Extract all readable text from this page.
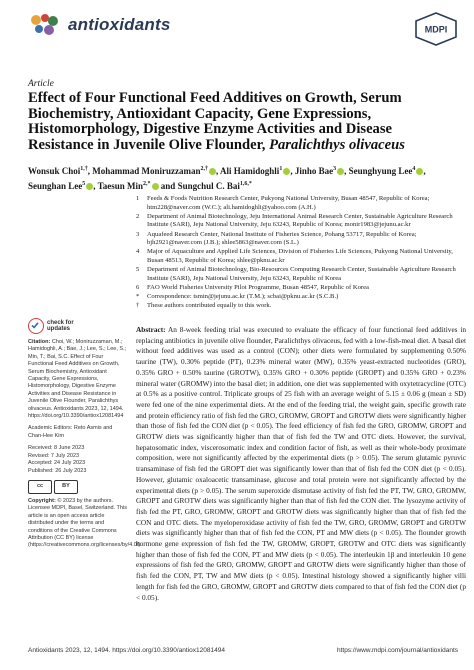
antioxidants	MDPI
Article
Effect of Four Functional Feed Additives on Growth, Serum Biochemistry, Antioxidant Capacity, Gene Expressions, Histomorphology, Digestive Enzyme Activities and Disease Resistance in Juvenile Olive Flounder, Paralichthys olivaceus
Wonsuk Choi$^{1,\dagger}$, Mohammad Moniruzzaman$^{2,\dagger}$ , Ali Hamidoghli$^1$ , Jinho Bae$^3$ , Seunghyung Lee$^4$ , Seunghan Lee$^5$ , Taesun Min$^{2,*}$ and Sungchul C. Bai$^{1,6,*}$
1	Feeds & Foods Nutrition Research Center, Pukyong National University, Busan 48547, Republic of Korea; htm228@naver.com (W.C.); ali.hamidoghli@yahoo.com (A.H.)
2	Department of Animal Biotechnology, Jeju International Animal Research Center, Sustainable Agriculture Research Institute (SARI), Jeju National University, Jeju 63243, Republic of Korea; monir1983@jejunu.ac.kr
3	Aquafeed Research Center, National Institute of Fisheries Science, Pohang 53717, Republic of Korea; bjh2921@naver.com (J.B.); shlee5863@naver.com (S.L.)
4	Major of Aquaculture and Applied Life Sciences, Division of Fisheries Life Sciences, Pukyong National University, Busan 48513, Republic of Korea; shlee@pknu.ac.kr
5	Department of Animal Biotechnology, Bio-Resources Computing Research Center, Sustainable Agriculture Research Institute (SARI), Jeju National University, Jeju 63243, Republic of Korea
6	FAO World Fisheries University Pilot Programme, Busan 48547, Republic of Korea
*	Correspondence: tsmin@jejunu.ac.kr (T.M.); scbai@pknu.ac.kr (S.C.B.)
†	These authors contributed equally to this work.
check for
updates
Citation: Choi, W.; Moniruzzaman, M.; Hamidoghli, A.; Bae, J.; Lee, S.; Lee, S.; Min, T.; Bai, S.C. Effect of Four Functional Feed Additives on Growth, Serum Biochemistry, Antioxidant Capacity, Gene Expressions, Histomorphology, Digestive Enzyme Activities and Disease Resistance in Juvenile Olive Flounder, Paralichthys olivaceus. Antioxidants 2023, 12, 1494. https://doi.org/10.3390/antiox12081494
Academic Editors: Reto Asmis and Chan-Hee Kim
Received: 8 June 2023
Revised: 7 July 2023
Accepted: 24 July 2023
Published: 26 July 2023
cc	BY
Copyright: © 2023 by the authors. Licensee MDPI, Basel, Switzerland. This article is an open access article distributed under the terms and conditions of the Creative Commons Attribution (CC BY) license (https://creativecommons.org/licenses/by/4.0/).
Abstract: An 8-week feeding trial was executed to evaluate the efficacy of four functional feed additives in replacing antibiotics in juvenile olive flounder, Paralichthys olivaceus, fed with a low-fish-meal diet. A basal diet without feed additives was used as a control (CON); other diets were formulated by supplementing 0.50% taurine (TW), 0.30% peptide (PT), 0.23% mineral water (MW), 0.35% yeast-extracted nucleotides (GRO), 0.35% GRO + 0.50% taurine (GROTW), 0.35% GRO + 0.30% peptide (GROPT) and 0.35% GRO + 0.23% mineral water (GROMW) into the basal diet; in addition, one diet was supplemented with oxytetracycline (OTC) at 0.5% as a positive control. Triplicate groups of 25 fish with an average weight of 5.15 ± 0.06 g (mean ± SD) were fed one of the nine experimental diets. At the end of the feeding trial, the weight gain, specific growth rate and protein efficiency ratio of fish fed the GRO, GROMW, GROPT and GROTW diets were significantly higher than those of fish fed the CON diet (p < 0.05). The feed efficiency of fish fed the GRO, GROMW, GROPT and GROTW diets was significantly higher than that of fish fed the TW and OTC diets. However, the survival, hepatosomatic index, viscerosomatic index and condition factor of fish, as well as their whole-body proximate composition, were not significantly affected by the experimental diets (p > 0.05). The serum glutamic pyruvic transaminase of fish fed the GROPT diet was significantly lower than that of fish fed the CON diet (p < 0.05). However, glutamic oxaloacetic transaminase, glucose and total protein were not significantly affected by the experimental diets (p > 0.05). The serum superoxide dismutase activity of fish fed the PT, TW, GRO, GROMW, GROPT and GROTW diets was significantly higher than that of fish fed the CON diet. The lysozyme activity of fish fed the PT, GRO, GROMW, GROPT and GROTW diets was significantly higher than that of fish fed the CON and OTC diets. The myeloperoxidase activity of fish fed the TW, GRO, GROMW, GROPT and GROTW diets was significantly higher than that of fish fed the CON, PT and MW diets (p < 0.05). The flounder growth hormone gene expression of fish fed the TW, GROMW, GROPT, GROTW and OTC diets was significantly higher than those of fish fed the CON, PT and MW diets (p < 0.05). The interleukin 1β and interleukin 10 gene expressions of fish fed the GRO, GROMW, GROPT and GROTW diets were significantly higher than those of fish fed the CON, PT, TW and MW diets (p < 0.05). Intestinal histology showed a significantly higher villi length for fish fed the GRO, GROMW, GROPT and GROTW diets compared to that of fish fed the CON diet (p < 0.05).
Antioxidants 2023, 12, 1494. https://doi.org/10.3390/antiox12081494	https://www.mdpi.com/journal/antioxidants
